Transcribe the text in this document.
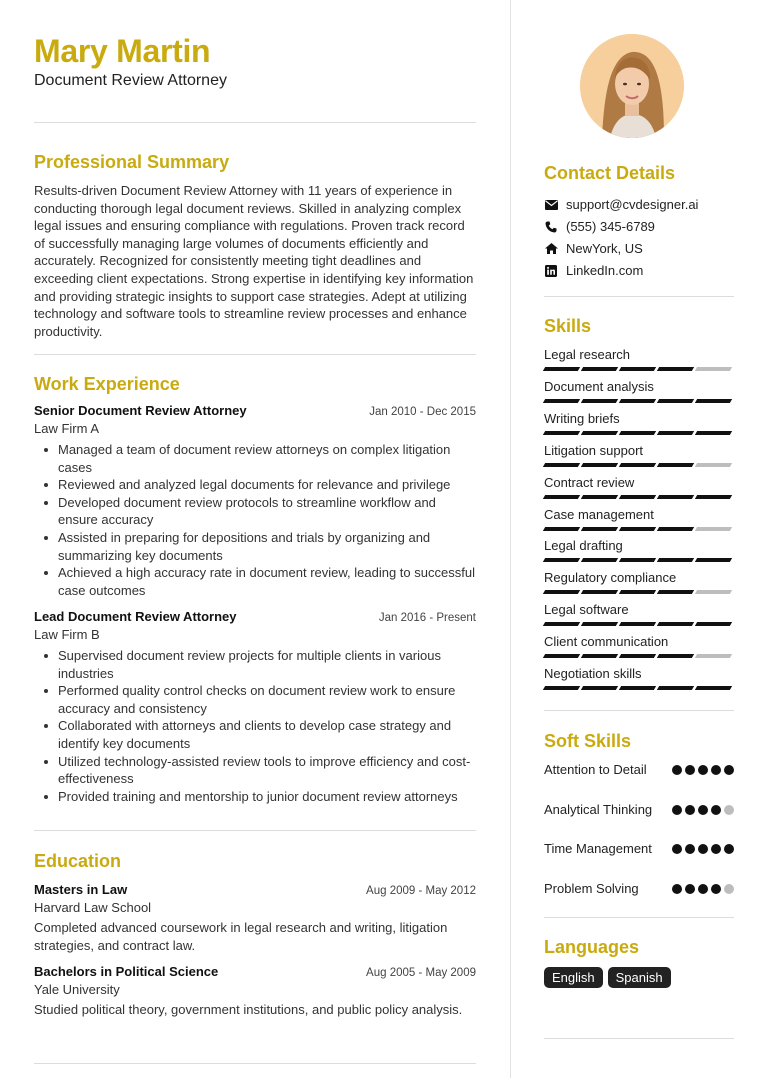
Mary Martin
Document Review Attorney
Professional Summary
Results-driven Document Review Attorney with 11 years of experience in conducting thorough legal document reviews. Skilled in analyzing complex legal issues and ensuring compliance with regulations. Proven track record of successfully managing large volumes of documents efficiently and accurately. Recognized for consistently meeting tight deadlines and exceeding client expectations. Strong expertise in identifying key information and providing strategic insights to support case strategies. Adept at utilizing technology and software tools to streamline review processes and enhance productivity.
Work Experience
Senior Document Review Attorney	Jan 2010 - Dec 2015
Law Firm A
Managed a team of document review attorneys on complex litigation cases
Reviewed and analyzed legal documents for relevance and privilege
Developed document review protocols to streamline workflow and ensure accuracy
Assisted in preparing for depositions and trials by organizing and summarizing key documents
Achieved a high accuracy rate in document review, leading to successful case outcomes
Lead Document Review Attorney	Jan 2016 - Present
Law Firm B
Supervised document review projects for multiple clients in various industries
Performed quality control checks on document review work to ensure accuracy and consistency
Collaborated with attorneys and clients to develop case strategy and identify key documents
Utilized technology-assisted review tools to improve efficiency and cost-effectiveness
Provided training and mentorship to junior document review attorneys
Education
Masters in Law	Aug 2009 - May 2012
Harvard Law School
Completed advanced coursework in legal research and writing, litigation strategies, and contract law.
Bachelors in Political Science	Aug 2005 - May 2009
Yale University
Studied political theory, government institutions, and public policy analysis.
Contact Details
support@cvdesigner.ai
(555) 345-6789
NewYork, US
LinkedIn.com
Skills
Legal research
Document analysis
Writing briefs
Litigation support
Contract review
Case management
Legal drafting
Regulatory compliance
Legal software
Client communication
Negotiation skills
Soft Skills
Attention to Detail
Analytical Thinking
Time Management
Problem Solving
Languages
English	Spanish
